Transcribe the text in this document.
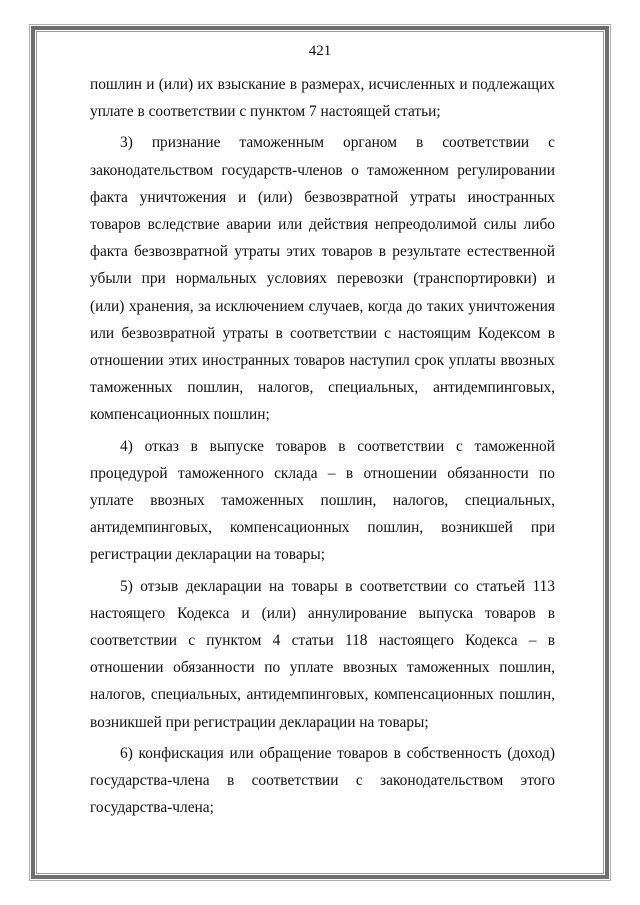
421

пошлин и (или) их взыскание в размерах, исчисленных и подлежащих уплате в соответствии с пунктом 7 настоящей статьи;

3) признание таможенным органом в соответствии с законодательством государств-членов о таможенном регулировании факта уничтожения и (или) безвозвратной утраты иностранных товаров вследствие аварии или действия непреодолимой силы либо факта безвозвратной утраты этих товаров в результате естественной убыли при нормальных условиях перевозки (транспортировки) и (или) хранения, за исключением случаев, когда до таких уничтожения или безвозвратной утраты в соответствии с настоящим Кодексом в отношении этих иностранных товаров наступил срок уплаты ввозных таможенных пошлин, налогов, специальных, антидемпинговых, компенсационных пошлин;

4) отказ в выпуске товаров в соответствии с таможенной процедурой таможенного склада – в отношении обязанности по уплате ввозных таможенных пошлин, налогов, специальных, антидемпинговых, компенсационных пошлин, возникшей при регистрации декларации на товары;

5) отзыв декларации на товары в соответствии со статьей 113 настоящего Кодекса и (или) аннулирование выпуска товаров в соответствии с пунктом 4 статьи 118 настоящего Кодекса – в отношении обязанности по уплате ввозных таможенных пошлин, налогов, специальных, антидемпинговых, компенсационных пошлин, возникшей при регистрации декларации на товары;

6) конфискация или обращение товаров в собственность (доход) государства-члена в соответствии с законодательством этого государства-члена;
